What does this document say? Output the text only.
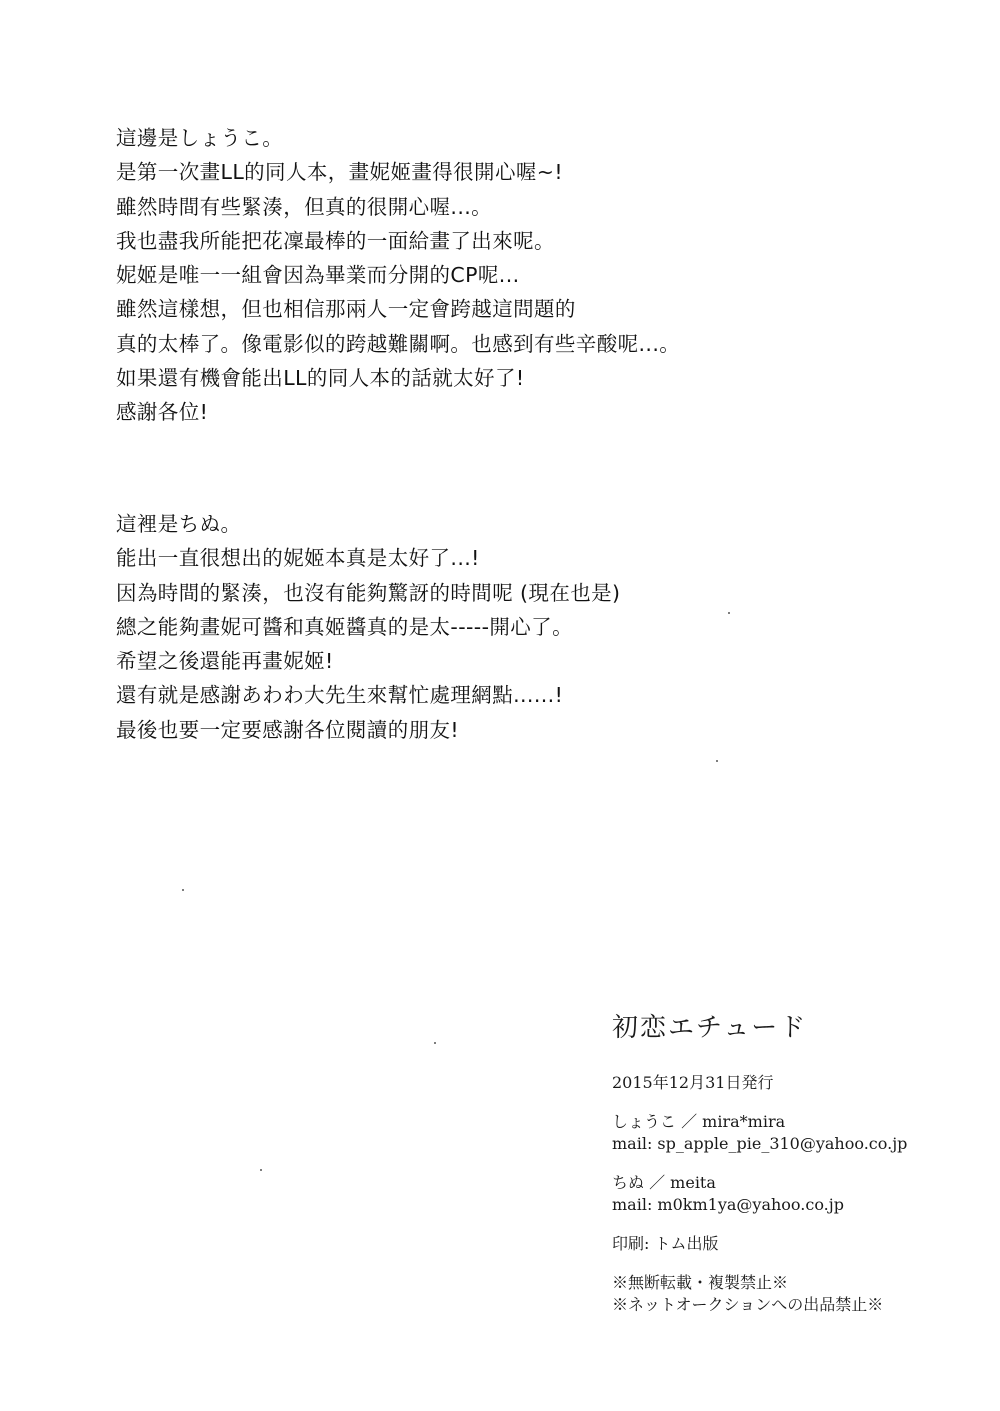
這邊是しょうこ。
是第一次畫LL的同人本，畫妮姬畫得很開心喔~!
雖然時間有些緊湊，但真的很開心喔...。
我也盡我所能把花凜最棒的一面給畫了出來呢。
妮姬是唯一一組會因為畢業而分開的CP呢...
雖然這樣想，但也相信那兩人一定會跨越這問題的
真的太棒了。像電影似的跨越難關啊。也感到有些辛酸呢...。
如果還有機會能出LL的同人本的話就太好了!
感謝各位!
這裡是ちぬ。
能出一直很想出的妮姬本真是太好了...!
因為時間的緊湊，也沒有能夠驚訝的時間呢 (現在也是)
總之能夠畫妮可醬和真姬醬真的是太-----開心了。
希望之後還能再畫妮姬!
還有就是感謝あわわ大先生來幫忙處理網點......!
最後也要一定要感謝各位閱讀的朋友!
初恋エチュード
2015年12月31日発行
しょうこ ／ mira*mira
mail: sp_apple_pie_310@yahoo.co.jp
ちぬ ／ meita
mail: m0km1ya@yahoo.co.jp
印刷: トム出版
※無断転載・複製禁止※
※ネットオークションへの出品禁止※
